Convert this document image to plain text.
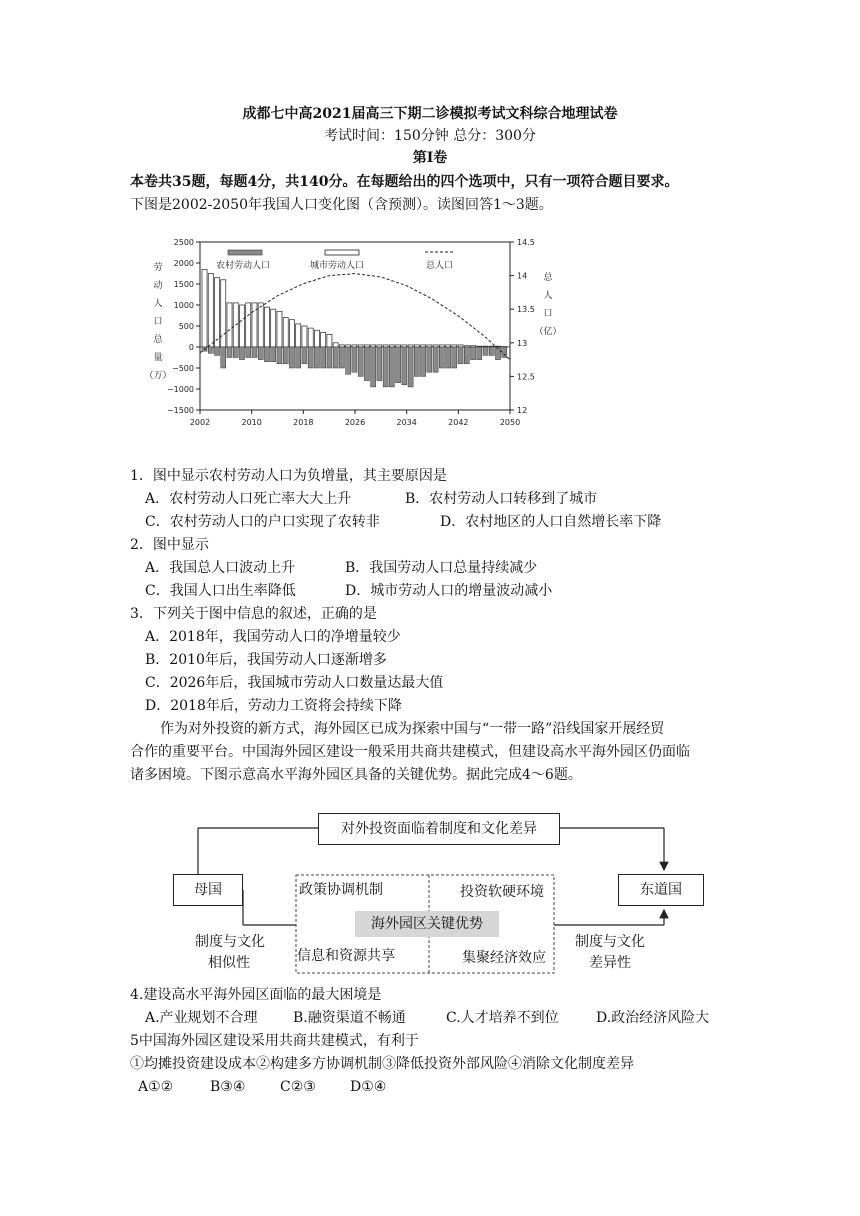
成都七中高2021届高三下期二诊模拟考试文科综合地理试卷
考试时间：150分钟 总分：300分
第Ⅰ卷
本卷共35题，每题4分，共140分。在每题给出的四个选项中，只有一项符合题目要求。
下图是2002-2050年我国人口变化图（含预测）。读图回答1～3题。
2500
2000
1500
1000
500
0
−500
−1000
−1500
14.5
14
13.5
13
12.5
12
2002	2010	2018	2026	2034	2042	2050
劳
动
人
口
总
量
（万）
总
人
口
（亿）
农村劳动人口	城市劳动人口	总人口
1．图中显示农村劳动人口为负增量，其主要原因是
A．农村劳动人口死亡率大大上升	B．农村劳动人口转移到了城市
C．农村劳动人口的户口实现了农转非	D．农村地区的人口自然增长率下降
2．图中显示
A．我国总人口波动上升	B．我国劳动人口总量持续减少
C．我国人口出生率降低	D．城市劳动人口的增量波动减小
3．下列关于图中信息的叙述，正确的是
A．2018年，我国劳动人口的净增量较少
B．2010年后，我国劳动人口逐渐增多
C．2026年后，我国城市劳动人口数量达最大值
D．2018年后，劳动力工资将会持续下降
作为对外投资的新方式，海外园区已成为探索中国与“一带一路”沿线国家开展经贸
合作的重要平台。中国海外园区建设一般采用共商共建模式，但建设高水平海外园区仍面临
诸多困境。下图示意高水平海外园区具备的关键优势。据此完成4～6题。
对外投资面临着制度和文化差异
母国	东道国
政策协调机制	投资软硬环境
海外园区关键优势
信息和资源共享	集聚经济效应
制度与文化
相似性
制度与文化
差异性
4.建设高水平海外园区面临的最大困境是
A.产业规划不合理	B.融资渠道不畅通	C.人才培养不到位	D.政治经济风险大
5中国海外园区建设采用共商共建模式，有利于
①均摊投资建设成本②构建多方协调机制③降低投资外部风险④消除文化制度差异
A①②	B③④ C②③ D①④
